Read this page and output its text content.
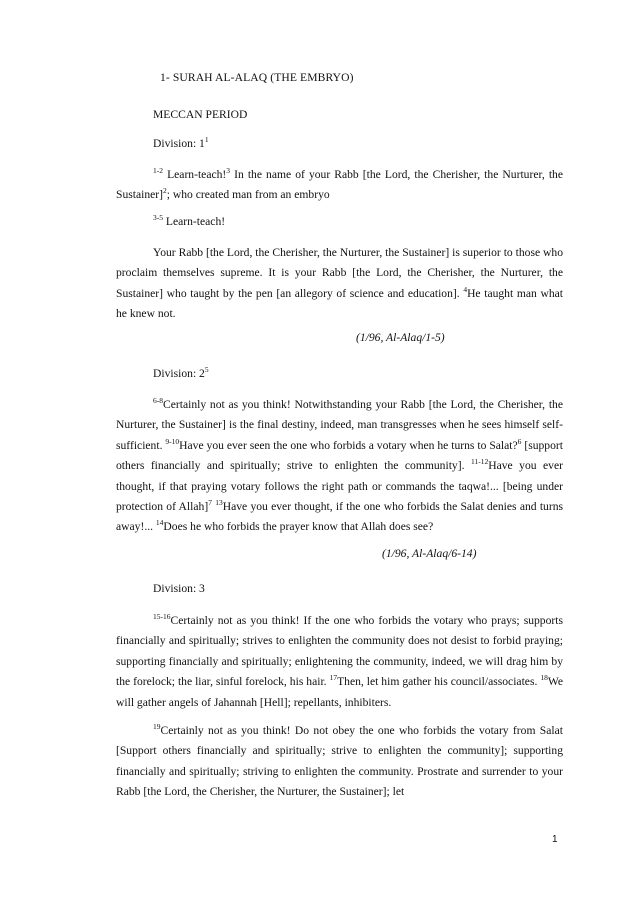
1- SURAH AL-ALAQ (THE EMBRYO)
MECCAN PERIOD
Division: $1^1$

$^{1-2}$ Learn-teach!$^3$ In the name of your Rabb [the Lord, the Cherisher, the Nurturer, the Sustainer]$^2$; who created man from an embryo

$^{3-5}$ Learn-teach!

Your Rabb [the Lord, the Cherisher, the Nurturer, the Sustainer] is superior to those who proclaim themselves supreme. It is your Rabb [the Lord, the Cherisher, the Nurturer, the Sustainer] who taught by the pen [an allegory of science and education]. $^4$He taught man what he knew not.

(1/96, Al-Alaq/1-5)
Division: $2^5$

$^{6-8}$Certainly not as you think! Notwithstanding your Rabb [the Lord, the Cherisher, the Nurturer, the Sustainer] is the final destiny, indeed, man transgresses when he sees himself self-sufficient. $^{9-10}$Have you ever seen the one who forbids a votary when he turns to Salat?$^6$ [support others financially and spiritually; strive to enlighten the community]. $^{11-12}$Have you ever thought, if that praying votary follows the right path or commands the taqwa!... [being under protection of Allah]$^7$ $^{13}$Have you ever thought, if the one who forbids the Salat denies and turns away!... $^{14}$Does he who forbids the prayer know that Allah does see?

(1/96, Al-Alaq/6-14)
Division: 3

$^{15-16}$Certainly not as you think! If the one who forbids the votary who prays; supports financially and spiritually; strives to enlighten the community does not desist to forbid praying; supporting financially and spiritually; enlightening the community, indeed, we will drag him by the forelock; the liar, sinful forelock, his hair. $^{17}$Then, let him gather his council/associates. $^{18}$We will gather angels of Jahannah [Hell]; repellants, inhibiters.

$^{19}$Certainly not as you think! Do not obey the one who forbids the votary from Salat [Support others financially and spiritually; strive to enlighten the community]; supporting financially and spiritually; striving to enlighten the community. Prostrate and surrender to your Rabb [the Lord, the Cherisher, the Nurturer, the Sustainer]; let

1
